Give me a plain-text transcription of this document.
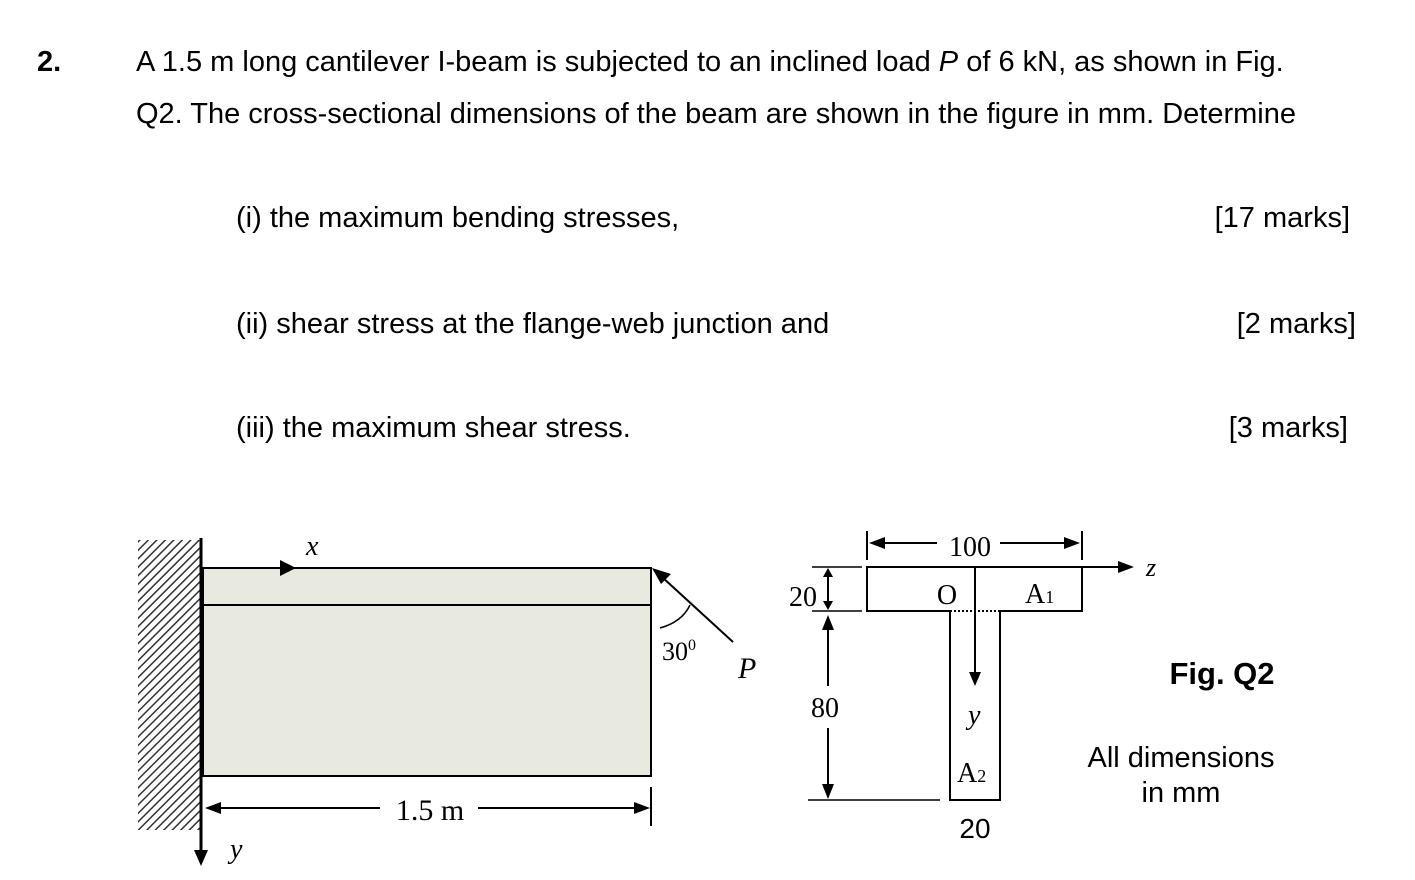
2.	A 1.5 m long cantilever I-beam is subjected to an inclined load P of 6 kN, as shown in Fig.
Q2. The cross-sectional dimensions of the beam are shown in the figure in mm. Determine
(i) the maximum bending stresses,	[17 marks]
(ii) shear stress at the flange-web junction and	[2 marks]
(iii) the maximum shear stress.	[3 marks]
x
y
$30^0$
P
1.5 m
100
z
y
O A1
A2
20
80
20
Fig. Q2
All dimensions
in mm
